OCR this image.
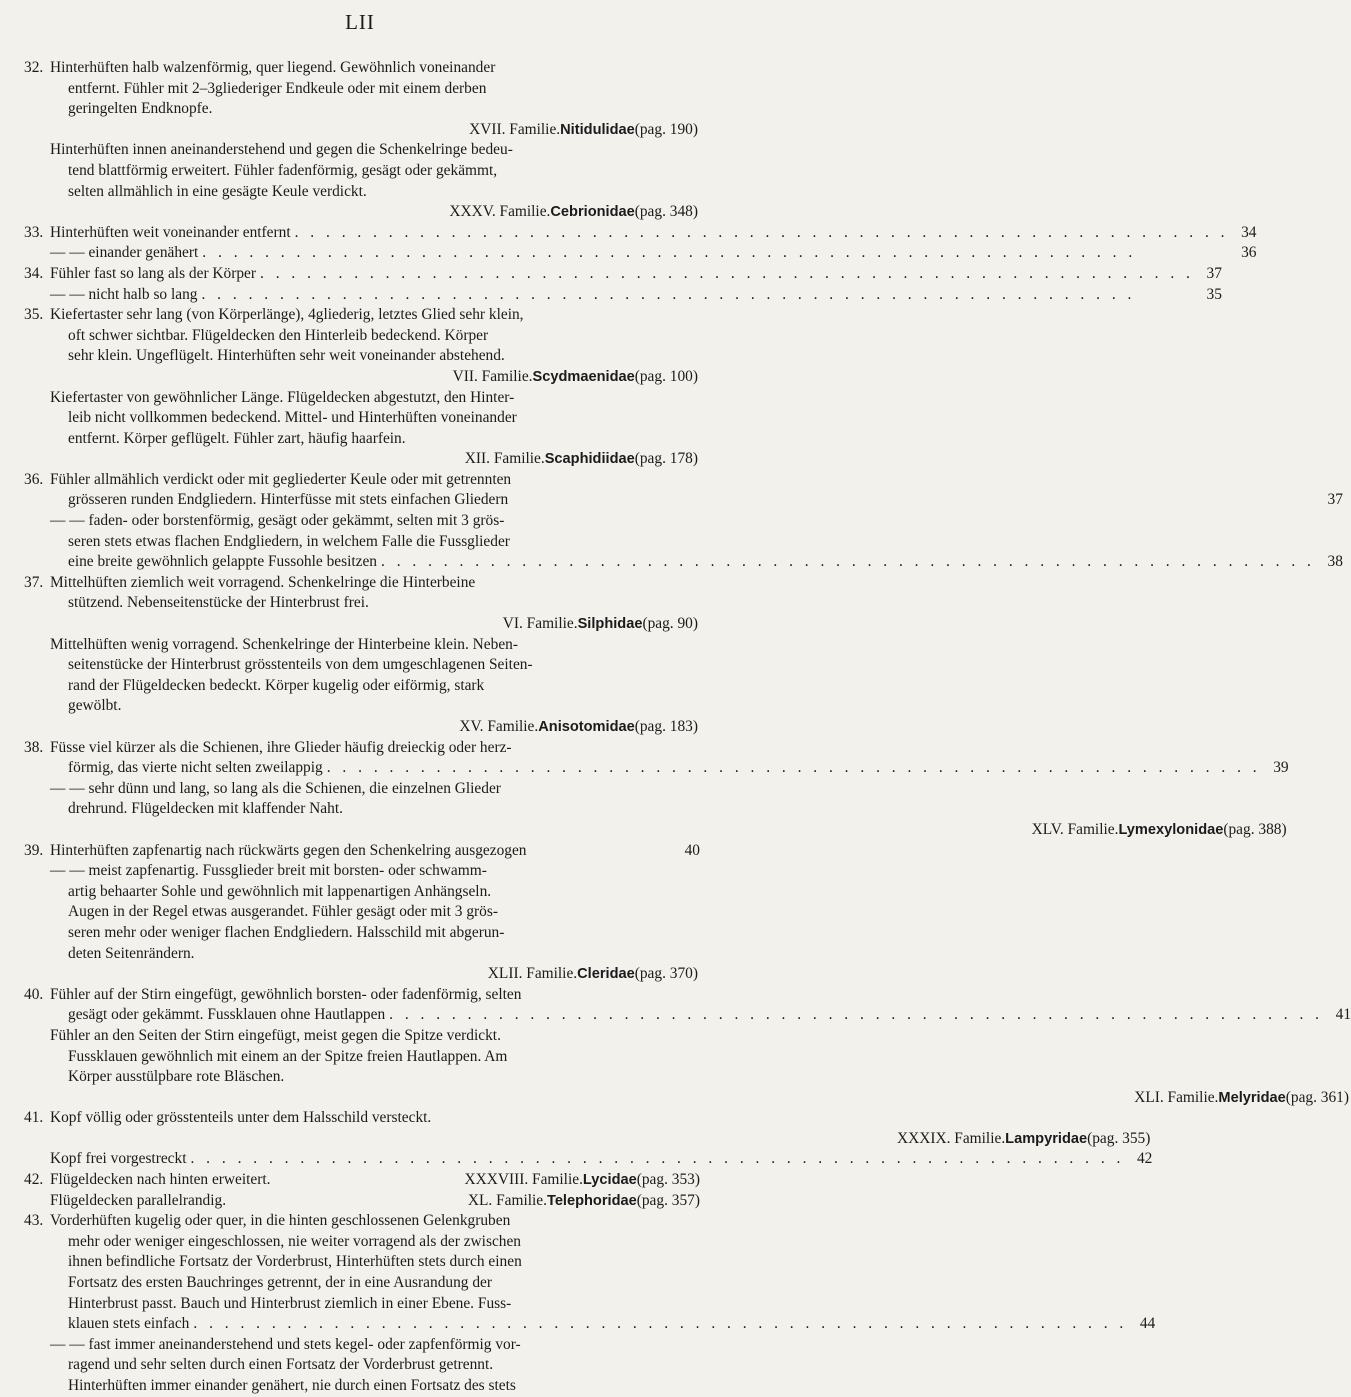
LII
32. Hinterhüften halb walzenförmig, quer liegend. Gewöhnlich voneinander
entfernt. Fühler mit 2–3gliederiger Endkeule oder mit einem derben
geringelten Endknopfe.
XVII. Familie. Nitidulidae (pag. 190)
Hinterhüften innen aneinanderstehend und gegen die Schenkelringe bedeu-
tend blattförmig erweitert. Fühler fadenförmig, gesägt oder gekämmt,
selten allmählich in eine gesägte Keule verdickt.
XXXV. Familie. Cebrionidae (pag. 348)
33. Hinterhüften weit voneinander entfernt . . .	34
— — einander genähert . . .	36
34. Fühler fast so lang als der Körper . . .	37
— — nicht halb so lang . . .	35
35. Kiefertaster sehr lang (von Körperlänge), 4gliederig, letztes Glied sehr klein,
oft schwer sichtbar. Flügeldecken den Hinterleib bedeckend. Körper
sehr klein. Ungeflügelt. Hinterhüften sehr weit voneinander abstehend.
VII. Familie. Scydmaenidae (pag. 100)
Kiefertaster von gewöhnlicher Länge. Flügeldecken abgestutzt, den Hinter-
leib nicht vollkommen bedeckend. Mittel- und Hinterhüften voneinander
entfernt. Körper geflügelt. Fühler zart, häufig haarfein.
XII. Familie. Scaphidiidae (pag. 178)
36. Fühler allmählich verdickt oder mit gegliederter Keule oder mit getrennten
grösseren runden Endgliedern. Hinterfüsse mit stets einfachen Gliedern	37
— — faden- oder borstenförmig, gesägt oder gekämmt, selten mit 3 grös-
seren stets etwas flachen Endgliedern, in welchem Falle die Fussglieder
eine breite gewöhnlich gelappte Fussohle besitzen . . .	38
37. Mittelhüften ziemlich weit vorragend. Schenkelringe die Hinterbeine
stützend. Nebenseitenstücke der Hinterbrust frei.
VI. Familie. Silphidae (pag. 90)
Mittelhüften wenig vorragend. Schenkelringe der Hinterbeine klein. Neben-
seitenstücke der Hinterbrust grösstenteils von dem umgeschlagenen Seiten-
rand der Flügeldecken bedeckt. Körper kugelig oder eiförmig, stark
gewölbt.
XV. Familie. Anisotomidae (pag. 183)
38. Füsse viel kürzer als die Schienen, ihre Glieder häufig dreieckig oder herz-
förmig, das vierte nicht selten zweilappig . . .	39
— — sehr dünn und lang, so lang als die Schienen, die einzelnen Glieder
drehrund. Flügeldecken mit klaffender Naht.
XLV. Familie. Lymexylonidae (pag. 388)
39. Hinterhüften zapfenartig nach rückwärts gegen den Schenkelring ausgezogen	40
— — meist zapfenartig. Fussglieder breit mit borsten- oder schwamm-
artig behaarter Sohle und gewöhnlich mit lappenartigen Anhängseln.
Augen in der Regel etwas ausgerandet. Fühler gesägt oder mit 3 grös-
seren mehr oder weniger flachen Endgliedern. Halsschild mit abgerun-
deten Seitenrändern.
XLII. Familie. Cleridae (pag. 370)
40. Fühler auf der Stirn eingefügt, gewöhnlich borsten- oder fadenförmig, selten
gesägt oder gekämmt. Fussklauen ohne Hautlappen . . .	41
Fühler an den Seiten der Stirn eingefügt, meist gegen die Spitze verdickt.
Fussklauen gewöhnlich mit einem an der Spitze freien Hautlappen. Am
Körper ausstülpbare rote Bläschen.
XLI. Familie. Melyridae (pag. 361)
41. Kopf völlig oder grösstenteils unter dem Halsschild versteckt.
XXXIX. Familie. Lampyridae (pag. 355)
Kopf frei vorgestreckt . . .	42
42. Flügeldecken nach hinten erweitert.	XXXVIII. Familie. Lycidae (pag. 353)
Flügeldecken parallelrandig.	XL. Familie. Telephoridae (pag. 357)
43. Vorderhüften kugelig oder quer, in die hinten geschlossenen Gelenkgruben
mehr oder weniger eingeschlossen, nie weiter vorragend als der zwischen
ihnen befindliche Fortsatz der Vorderbrust, Hinterhüften stets durch einen
Fortsatz des ersten Bauchringes getrennt, der in eine Ausrandung der
Hinterbrust passt. Bauch und Hinterbrust ziemlich in einer Ebene. Fuss-
klauen stets einfach . . .	44
— — fast immer aneinanderstehend und stets kegel- oder zapfenförmig vor-
ragend und sehr selten durch einen Fortsatz der Vorderbrust getrennt.
Hinterhüften immer einander genähert, nie durch einen Fortsatz des stets
